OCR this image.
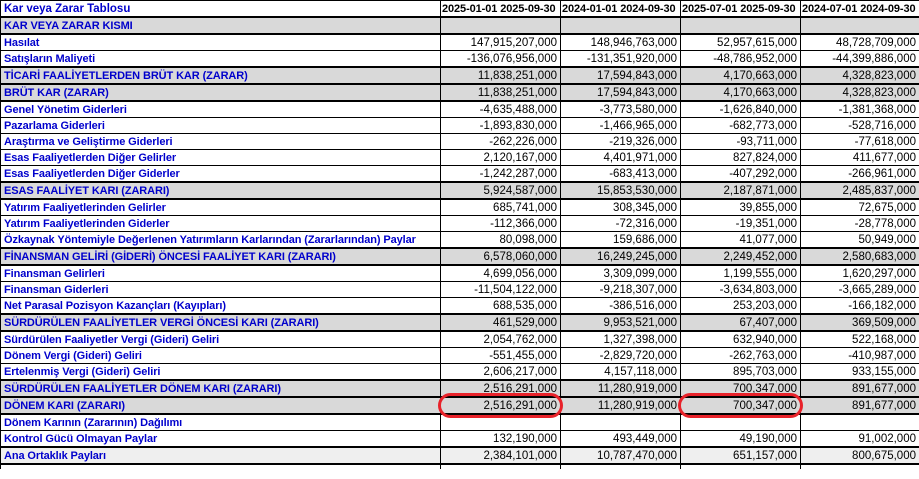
Kar veya Zarar Tablosu	2025-01-01 2025-09-30	2024-01-01 2024-09-30	2025-07-01 2025-09-30	2024-07-01 2024-09-30
KAR VEYA ZARAR KISMI				
Hasılat	147,915,207,000	148,946,763,000	52,957,615,000	48,728,709,000
Satışların Maliyeti	-136,076,956,000	-131,351,920,000	-48,786,952,000	-44,399,886,000
TİCARİ FAALİYETLERDEN BRÜT KAR (ZARAR)	11,838,251,000	17,594,843,000	4,170,663,000	4,328,823,000
BRÜT KAR (ZARAR)	11,838,251,000	17,594,843,000	4,170,663,000	4,328,823,000
Genel Yönetim Giderleri	-4,635,488,000	-3,773,580,000	-1,626,840,000	-1,381,368,000
Pazarlama Giderleri	-1,893,830,000	-1,466,965,000	-682,773,000	-528,716,000
Araştırma ve Geliştirme Giderleri	-262,226,000	-219,326,000	-93,711,000	-77,618,000
Esas Faaliyetlerden Diğer Gelirler	2,120,167,000	4,401,971,000	827,824,000	411,677,000
Esas Faaliyetlerden Diğer Giderler	-1,242,287,000	-683,413,000	-407,292,000	-266,961,000
ESAS FAALİYET KARI (ZARARI)	5,924,587,000	15,853,530,000	2,187,871,000	2,485,837,000
Yatırım Faaliyetlerinden Gelirler	685,741,000	308,345,000	39,855,000	72,675,000
Yatırım Faaliyetlerinden Giderler	-112,366,000	-72,316,000	-19,351,000	-28,778,000
Özkaynak Yöntemiyle Değerlenen Yatırımların Karlarından (Zararlarından) Paylar	80,098,000	159,686,000	41,077,000	50,949,000
FİNANSMAN GELİRİ (GİDERİ) ÖNCESİ FAALİYET KARI (ZARARI)	6,578,060,000	16,249,245,000	2,249,452,000	2,580,683,000
Finansman Gelirleri	4,699,056,000	3,309,099,000	1,199,555,000	1,620,297,000
Finansman Giderleri	-11,504,122,000	-9,218,307,000	-3,634,803,000	-3,665,289,000
Net Parasal Pozisyon Kazançları (Kayıpları)	688,535,000	-386,516,000	253,203,000	-166,182,000
SÜRDÜRÜLEN FAALİYETLER VERGİ ÖNCESİ KARI (ZARARI)	461,529,000	9,953,521,000	67,407,000	369,509,000
Sürdürülen Faaliyetler Vergi (Gideri) Geliri	2,054,762,000	1,327,398,000	632,940,000	522,168,000
Dönem Vergi (Gideri) Geliri	-551,455,000	-2,829,720,000	-262,763,000	-410,987,000
Ertelenmiş Vergi (Gideri) Geliri	2,606,217,000	4,157,118,000	895,703,000	933,155,000
SÜRDÜRÜLEN FAALİYETLER DÖNEM KARI (ZARARI)	2,516,291,000	11,280,919,000	700,347,000	891,677,000
DÖNEM KARI (ZARARI)	2,516,291,000	11,280,919,000	700,347,000	891,677,000
Dönem Karının (Zararının) Dağılımı				
Kontrol Gücü Olmayan Paylar	132,190,000	493,449,000	49,190,000	91,002,000
Ana Ortaklık Payları	2,384,101,000	10,787,470,000	651,157,000	800,675,000
